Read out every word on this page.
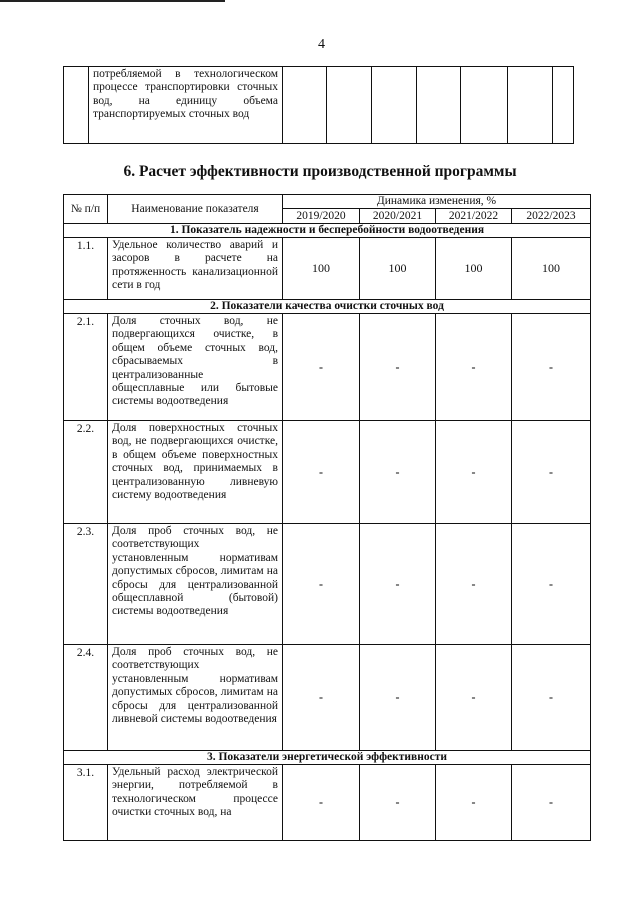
4
	потребляемой в технологическом процессе транспортировки сточных вод, на единицу объема транспортируемых сточных вод							
6. Расчет эффективности производственной программы
№ п/п	Наименование показателя	Динамика изменения, %			
		2019/2020	2020/2021	2021/2022	2022/2023
1. Показатель надежности и бесперебойности водоотведения					
1.1.	Удельное количество аварий и засоров в расчете на протяженность канализационной сети в год	100	100	100	100
2. Показатели качества очистки сточных вод					
2.1.	Доля сточных вод, не подвергающихся очистке, в общем объеме сточных вод, сбрасываемых в централизованные общесплавные или бытовые системы водоотведения	-	-	-	-
2.2.	Доля поверхностных сточных вод, не подвергающихся очистке, в общем объеме поверхностных сточных вод, принимаемых в централизованную ливневую систему водоотведения	-	-	-	-
2.3.	Доля проб сточных вод, не соответствующих установленным нормативам допустимых сбросов, лимитам на сбросы для централизованной общесплавной (бытовой) системы водоотведения	-	-	-	-
2.4.	Доля проб сточных вод, не соответствующих установленным нормативам допустимых сбросов, лимитам на сбросы для централизованной ливневой системы водоотведения	-	-	-	-
3. Показатели энергетической эффективности					
3.1.	Удельный расход электрической энергии, потребляемой в технологическом процессе очистки сточных вод, на	-	-	-	-
